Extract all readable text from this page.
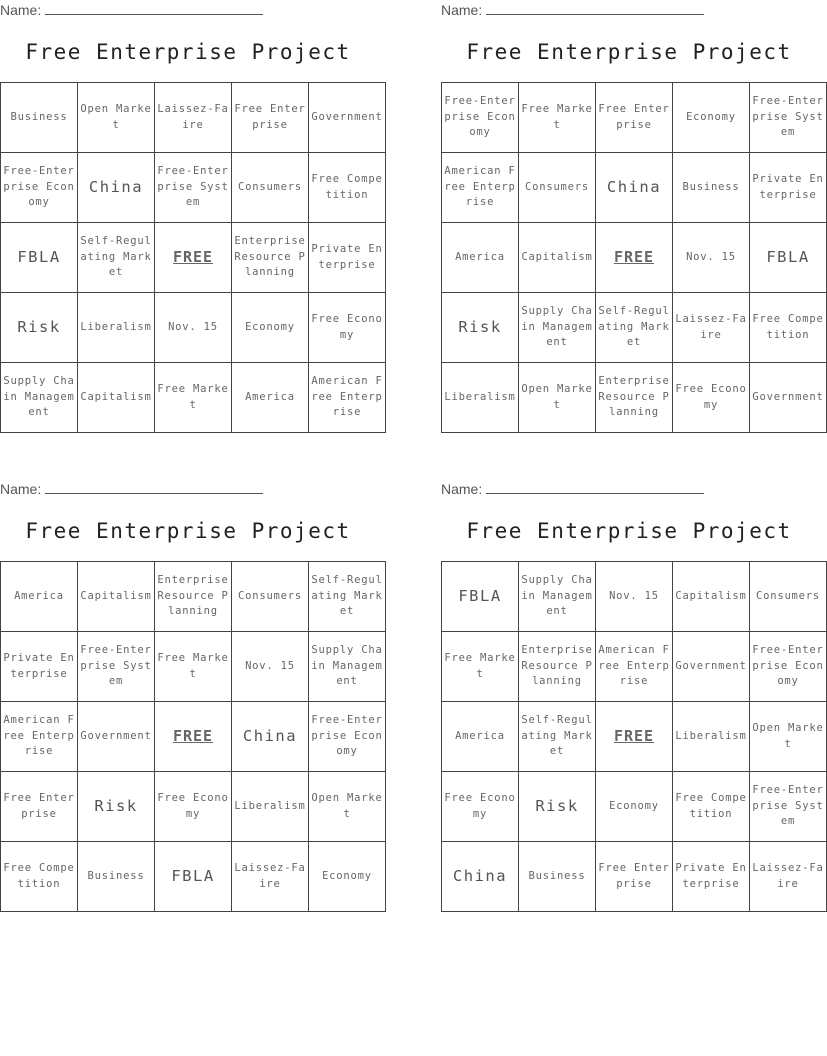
Name:
Free Enterprise Project
Business	Open Market	Laissez-Faire	Free Enterprise	Government
Free-Enterprise Economy	China	Free-Enterprise System	Consumers	Free Competition
FBLA	Self-Regulating Market	FREE	Enterprise Resource Planning	Private Enterprise
Risk	Liberalism	Nov. 15	Economy	Free Economy
Supply Chain Management	Capitalism	Free Market	America	American Free Enterprise
Name:
Free Enterprise Project
Free-Enterprise Economy	Free Market	Free Enterprise	Economy	Free-Enterprise System
American Free Enterprise	Consumers	China	Business	Private Enterprise
America	Capitalism	FREE	Nov. 15	FBLA
Risk	Supply Chain Management	Self-Regulating Market	Laissez-Faire	Free Competition
Liberalism	Open Market	Enterprise Resource Planning	Free Economy	Government
Name:
Free Enterprise Project
America	Capitalism	Enterprise Resource Planning	Consumers	Self-Regulating Market
Private Enterprise	Free-Enterprise System	Free Market	Nov. 15	Supply Chain Management
American Free Enterprise	Government	FREE	China	Free-Enterprise Economy
Free Enterprise	Risk	Free Economy	Liberalism	Open Market
Free Competition	Business	FBLA	Laissez-Faire	Economy
Name:
Free Enterprise Project
FBLA	Supply Chain Management	Nov. 15	Capitalism	Consumers
Free Market	Enterprise Resource Planning	American Free Enterprise	Government	Free-Enterprise Economy
America	Self-Regulating Market	FREE	Liberalism	Open Market
Free Economy	Risk	Economy	Free Competition	Free-Enterprise System
China	Business	Free Enterprise	Private Enterprise	Laissez-Faire
